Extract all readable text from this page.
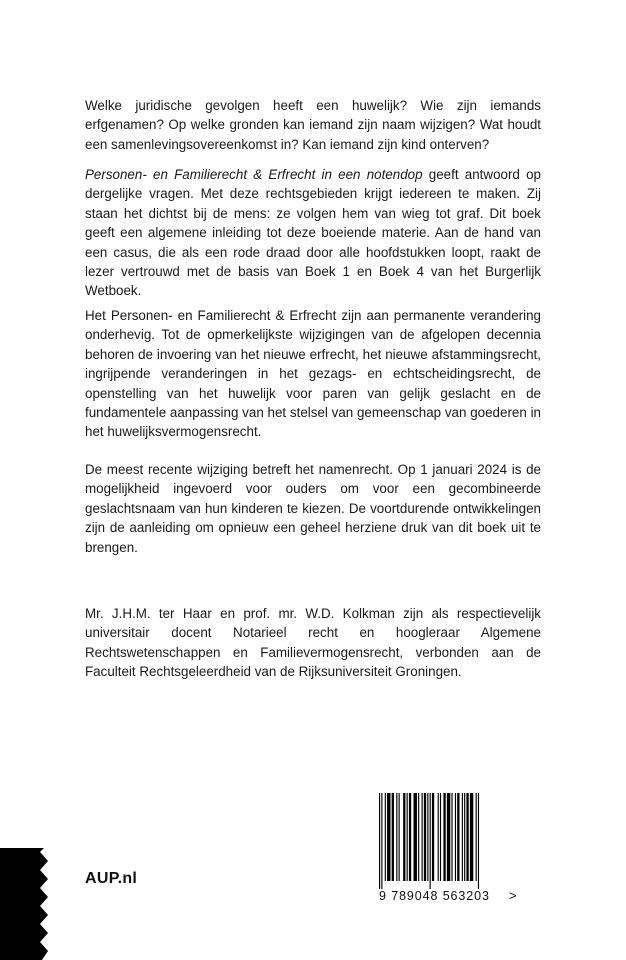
Welke juridische gevolgen heeft een huwelijk? Wie zijn iemands erfgenamen? Op welke gronden kan iemand zijn naam wijzigen? Wat houdt een samenlevingsovereenkomst in? Kan iemand zijn kind onterven?

Personen- en Familierecht & Erfrecht in een notendop geeft antwoord op dergelijke vragen. Met deze rechtsgebieden krijgt iedereen te maken. Zij staan het dichtst bij de mens: ze volgen hem van wieg tot graf. Dit boek geeft een algemene inleiding tot deze boeiende materie. Aan de hand van een casus, die als een rode draad door alle hoofdstukken loopt, raakt de lezer vertrouwd met de basis van Boek 1 en Boek 4 van het Burgerlijk Wetboek.

Het Personen- en Familierecht & Erfrecht zijn aan permanente verandering onderhevig. Tot de opmerkelijkste wijzigingen van de afgelopen decennia behoren de invoering van het nieuwe erfrecht, het nieuwe afstammingsrecht, ingrijpende veranderingen in het gezags- en echtscheidingsrecht, de openstelling van het huwelijk voor paren van gelijk geslacht en de fundamentele aanpassing van het stelsel van gemeenschap van goederen in het huwelijksvermogensrecht.

De meest recente wijziging betreft het namenrecht. Op 1 januari 2024 is de mogelijkheid ingevoerd voor ouders om voor een gecombineerde geslachtsnaam van hun kinderen te kiezen. De voortdurende ontwikkelingen zijn de aanleiding om opnieuw een geheel herziene druk van dit boek uit te brengen.

Mr. J.H.M. ter Haar en prof. mr. W.D. Kolkman zijn als respectievelijk universitair docent Notarieel recht en hoogleraar Algemene Rechtswetenschappen en Familievermogensrecht, verbonden aan de Faculteit Rechtsgeleerdheid van de Rijksuniversiteit Groningen.

AUP.nl
9 789048 563203	>
